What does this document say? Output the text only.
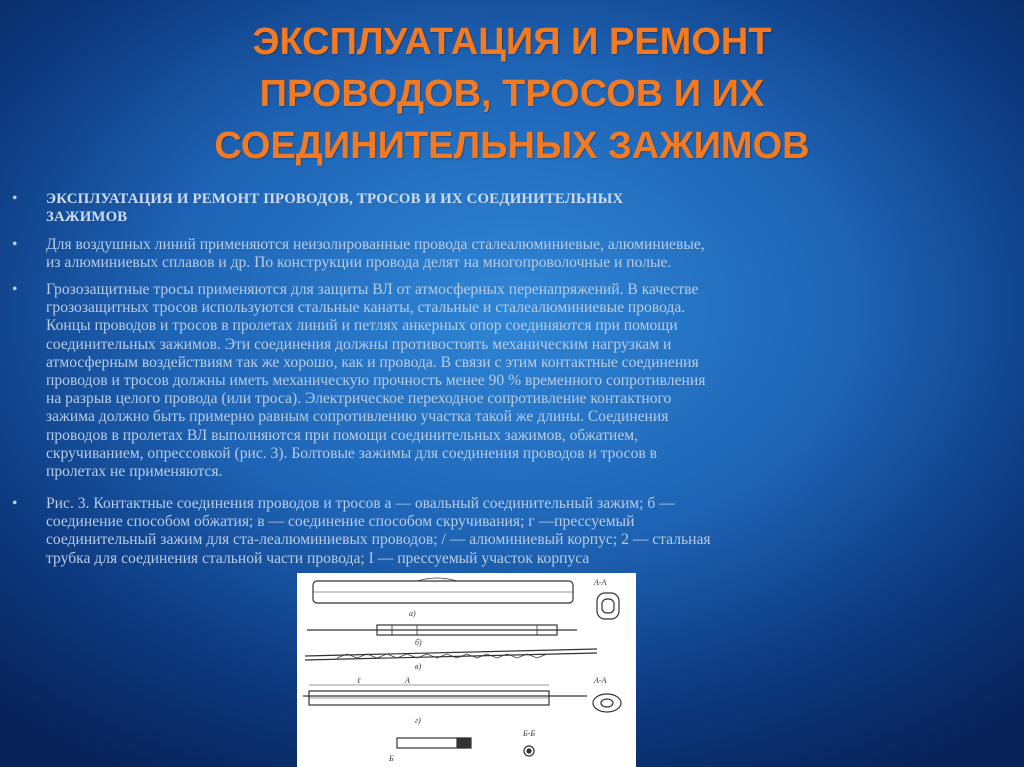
ЭКСПЛУАТАЦИЯ И РЕМОНТ
ПРОВОДОВ, ТРОСОВ И ИХ
СОЕДИНИТЕЛЬНЫХ ЗАЖИМОВ
•	ЭКСПЛУАТАЦИЯ И РЕМОНТ ПРОВОДОВ, ТРОСОВ И ИХ СОЕДИНИТЕЛЬНЫХ
ЗАЖИМОВ
•	Для воздушных линий применяются неизолированные провода сталеалюминиевые, алюминиевые,
из алюминиевых сплавов и др. По конструкции провода делят на многопроволочные и полые.
•	Грозозащитные тросы применяются для защиты ВЛ от атмосферных перенапряжений. В качестве
грозозащитных тросов используются стальные канаты, стальные и сталеалюминиевые провода.
Концы проводов и тросов в пролетах линий и петлях анкерных опор соединяются при помощи
соединительных зажимов. Эти соединения должны противостоять механическим нагрузкам и
атмосферным воздействиям так же хорошо, как и провода. В связи с этим контактные соединения
проводов и тросов должны иметь механическую прочность менее 90 % временного сопротивления
на разрыв целого провода (или троса). Электрическое переходное сопротивление контактного
зажима должно быть примерно равным сопротивлению участка такой же длины. Соединения
проводов в пролетах ВЛ выполняются при помощи соединительных зажимов, обжатием,
скручиванием, опрессовкой (рис. 3). Болтовые зажимы для соединения проводов и тросов в
пролетах не применяются.
•	Рис. 3. Контактные соединения проводов и тросов а — овальный соединительный зажим; б —
соединение способом обжатия; в — соединение способом скручивания; г —прессуемый
соединительный зажим для ста-леалюминиевых проводов; / — алюминиевый корпус; 2 — стальная
трубка для соединения стальной части провода; I — прессуемый участок корпуса
А-А
а)
б)
в)
г)
А	А-А
Б-Б
ℓ
Б
